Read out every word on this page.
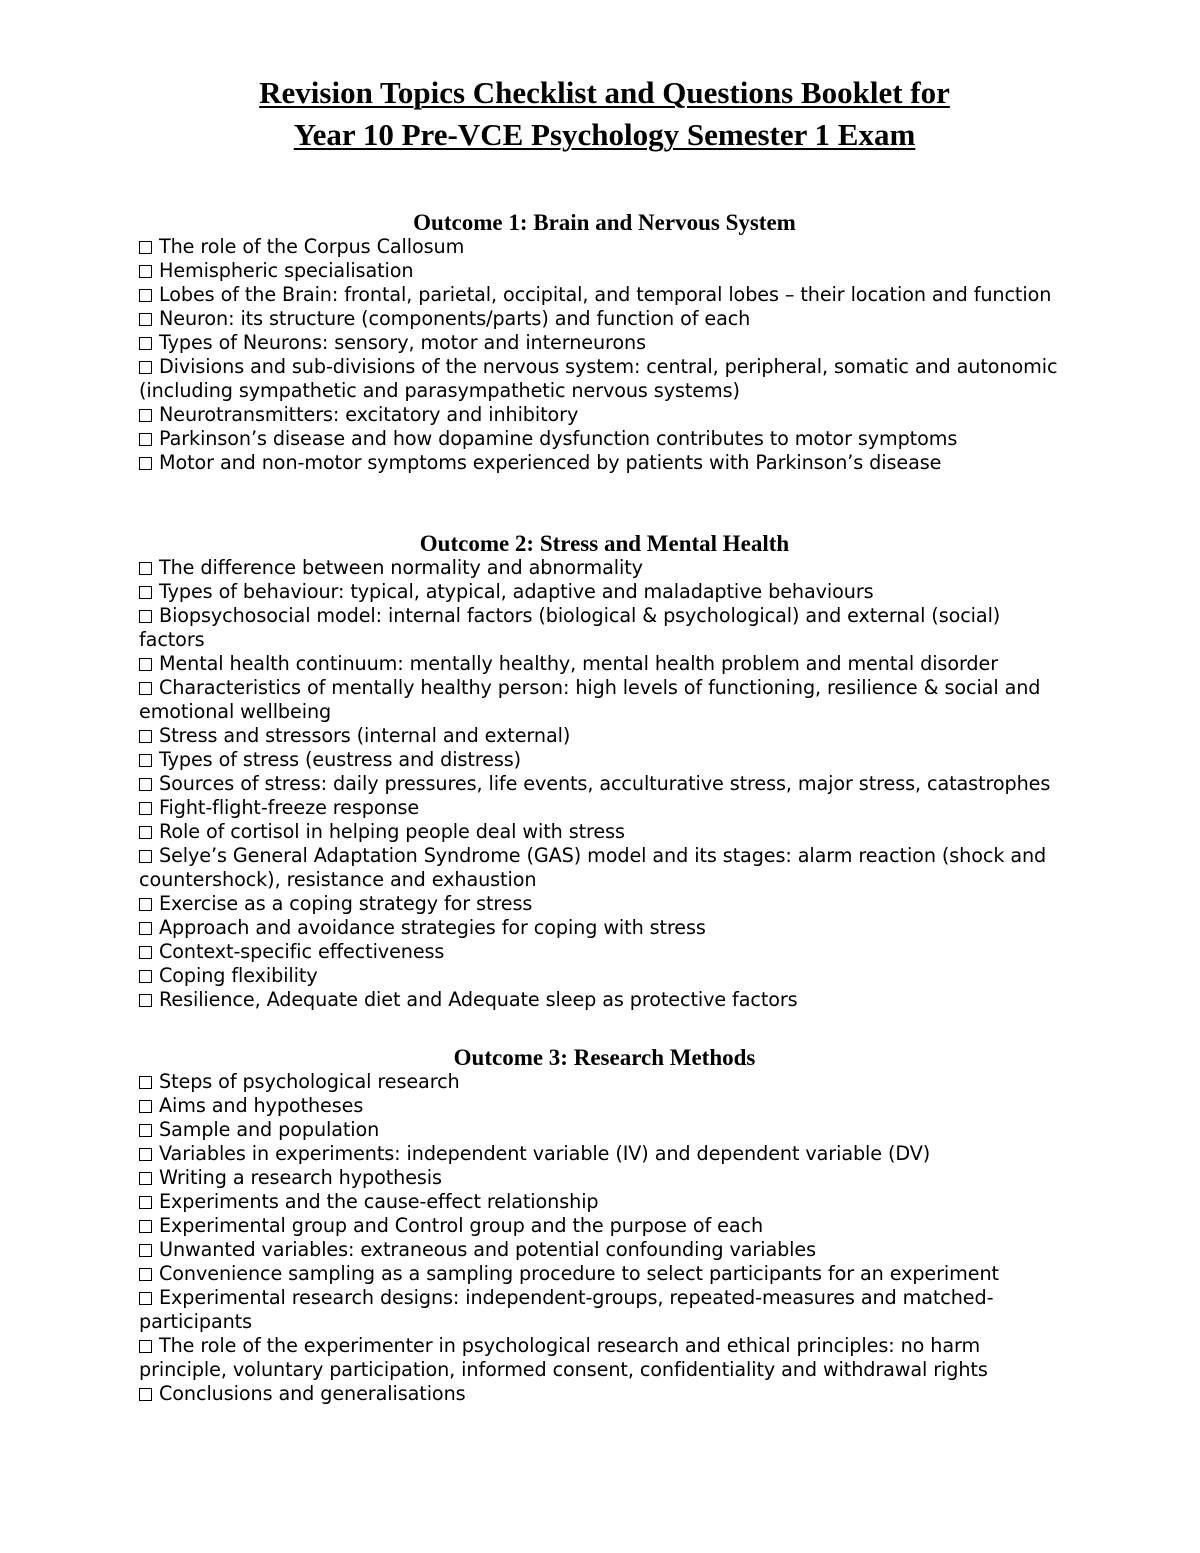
Revision Topics Checklist and Questions Booklet for
Year 10 Pre-VCE Psychology Semester 1 Exam
Outcome 1: Brain and Nervous System
The role of the Corpus Callosum
Hemispheric specialisation
Lobes of the Brain: frontal, parietal, occipital, and temporal lobes – their location and function
Neuron: its structure (components/parts) and function of each
Types of Neurons: sensory, motor and interneurons
Divisions and sub-divisions of the nervous system: central, peripheral, somatic and autonomic (including sympathetic and parasympathetic nervous systems)
Neurotransmitters: excitatory and inhibitory
Parkinson’s disease and how dopamine dysfunction contributes to motor symptoms
Motor and non-motor symptoms experienced by patients with Parkinson’s disease
Outcome 2: Stress and Mental Health
The difference between normality and abnormality
Types of behaviour: typical, atypical, adaptive and maladaptive behaviours
Biopsychosocial model: internal factors (biological & psychological) and external (social) factors
Mental health continuum: mentally healthy, mental health problem and mental disorder
Characteristics of mentally healthy person: high levels of functioning, resilience & social and emotional wellbeing
Stress and stressors (internal and external)
Types of stress (eustress and distress)
Sources of stress: daily pressures, life events, acculturative stress, major stress, catastrophes
Fight-flight-freeze response
Role of cortisol in helping people deal with stress
Selye’s General Adaptation Syndrome (GAS) model and its stages: alarm reaction (shock and countershock), resistance and exhaustion
Exercise as a coping strategy for stress
Approach and avoidance strategies for coping with stress
Context-specific effectiveness
Coping flexibility
Resilience, Adequate diet and Adequate sleep as protective factors
Outcome 3: Research Methods
Steps of psychological research
Aims and hypotheses
Sample and population
Variables in experiments: independent variable (IV) and dependent variable (DV)
Writing a research hypothesis
Experiments and the cause-effect relationship
Experimental group and Control group and the purpose of each
Unwanted variables: extraneous and potential confounding variables
Convenience sampling as a sampling procedure to select participants for an experiment
Experimental research designs: independent-groups, repeated-measures and matched-participants
The role of the experimenter in psychological research and ethical principles: no harm principle, voluntary participation, informed consent, confidentiality and withdrawal rights
Conclusions and generalisations
